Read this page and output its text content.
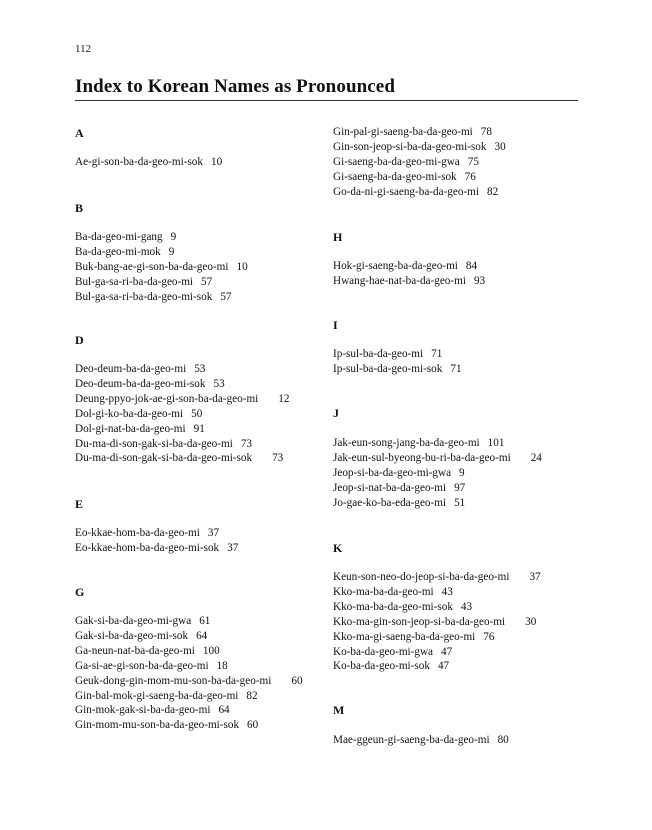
112
Index to Korean Names as Pronounced
A
Ae-gi-son-ba-da-geo-mi-sok 10
B
Ba-da-geo-mi-gang 9
Ba-da-geo-mi-mok 9
Buk-bang-ae-gi-son-ba-da-geo-mi 10
Bul-ga-sa-ri-ba-da-geo-mi 57
Bul-ga-sa-ri-ba-da-geo-mi-sok 57
D
Deo-deum-ba-da-geo-mi 53
Deo-deum-ba-da-geo-mi-sok 53
Deung-ppyo-jok-ae-gi-son-ba-da-geo-mi 12
Dol-gi-ko-ba-da-geo-mi 50
Dol-gi-nat-ba-da-geo-mi 91
Du-ma-di-son-gak-si-ba-da-geo-mi 73
Du-ma-di-son-gak-si-ba-da-geo-mi-sok 73
E
Eo-kkae-hom-ba-da-geo-mi 37
Eo-kkae-hom-ba-da-geo-mi-sok 37
G
Gak-si-ba-da-geo-mi-gwa 61
Gak-si-ba-da-geo-mi-sok 64
Ga-neun-nat-ba-da-geo-mi 100
Ga-si-ae-gi-son-ba-da-geo-mi 18
Geuk-dong-gin-mom-mu-son-ba-da-geo-mi 60
Gin-bal-mok-gi-saeng-ba-da-geo-mi 82
Gin-mok-gak-si-ba-da-geo-mi 64
Gin-mom-mu-son-ba-da-geo-mi-sok 60
Gin-pal-gi-saeng-ba-da-geo-mi 78
Gin-son-jeop-si-ba-da-geo-mi-sok 30
Gi-saeng-ba-da-geo-mi-gwa 75
Gi-saeng-ba-da-geo-mi-sok 76
Go-da-ni-gi-saeng-ba-da-geo-mi 82
H
Hok-gi-saeng-ba-da-geo-mi 84
Hwang-hae-nat-ba-da-geo-mi 93
I
Ip-sul-ba-da-geo-mi 71
Ip-sul-ba-da-geo-mi-sok 71
J
Jak-eun-song-jang-ba-da-geo-mi 101
Jak-eun-sul-byeong-bu-ri-ba-da-geo-mi 24
Jeop-si-ba-da-geo-mi-gwa 9
Jeop-si-nat-ba-da-geo-mi 97
Jo-gae-ko-ba-eda-geo-mi 51
K
Keun-son-neo-do-jeop-si-ba-da-geo-mi 37
Kko-ma-ba-da-geo-mi 43
Kko-ma-ba-da-geo-mi-sok 43
Kko-ma-gin-son-jeop-si-ba-da-geo-mi 30
Kko-ma-gi-saeng-ba-da-geo-mi 76
Ko-ba-da-geo-mi-gwa 47
Ko-ba-da-geo-mi-sok 47
M
Mae-ggeun-gi-saeng-ba-da-geo-mi 80
